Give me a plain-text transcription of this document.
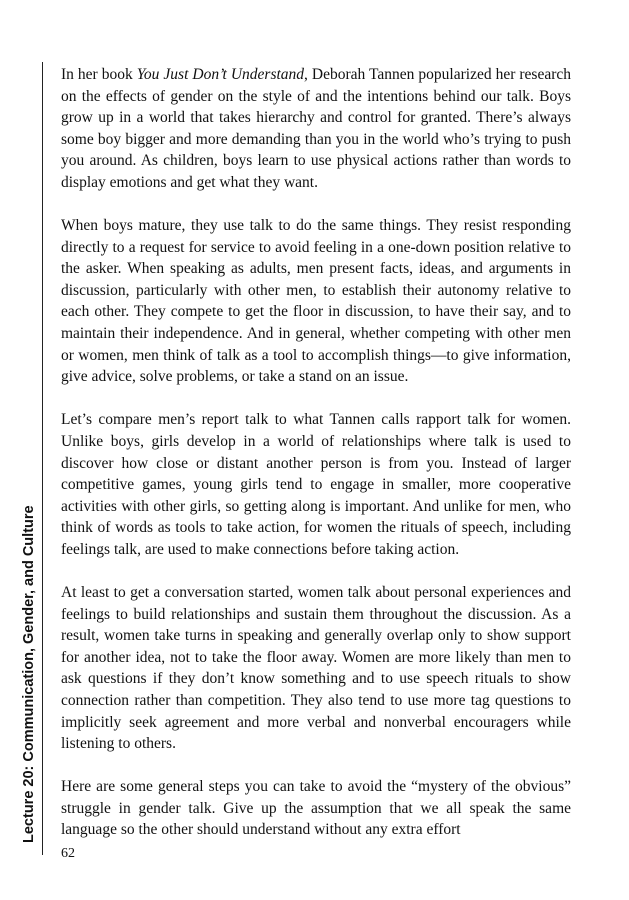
Lecture 20: Communication, Gender, and Culture

In her book You Just Don’t Understand, Deborah Tannen popularized her research on the effects of gender on the style of and the intentions behind our talk. Boys grow up in a world that takes hierarchy and control for granted. There’s always some boy bigger and more demanding than you in the world who’s trying to push you around. As children, boys learn to use physical actions rather than words to display emotions and get what they want.

When boys mature, they use talk to do the same things. They resist responding directly to a request for service to avoid feeling in a one-down position relative to the asker. When speaking as adults, men present facts, ideas, and arguments in discussion, particularly with other men, to establish their autonomy relative to each other. They compete to get the floor in discussion, to have their say, and to maintain their independence. And in general, whether competing with other men or women, men think of talk as a tool to accomplish things—to give information, give advice, solve problems, or take a stand on an issue.

Let’s compare men’s report talk to what Tannen calls rapport talk for women. Unlike boys, girls develop in a world of relationships where talk is used to discover how close or distant another person is from you. Instead of larger competitive games, young girls tend to engage in smaller, more cooperative activities with other girls, so getting along is important. And unlike for men, who think of words as tools to take action, for women the rituals of speech, including feelings talk, are used to make connections before taking action.

At least to get a conversation started, women talk about personal experiences and feelings to build relationships and sustain them throughout the discussion. As a result, women take turns in speaking and generally overlap only to show support for another idea, not to take the floor away. Women are more likely than men to ask questions if they don’t know something and to use speech rituals to show connection rather than competition. They also tend to use more tag questions to implicitly seek agreement and more verbal and nonverbal encouragers while listening to others.

Here are some general steps you can take to avoid the “mystery of the obvious” struggle in gender talk. Give up the assumption that we all speak the same language so the other should understand without any extra effort

62
